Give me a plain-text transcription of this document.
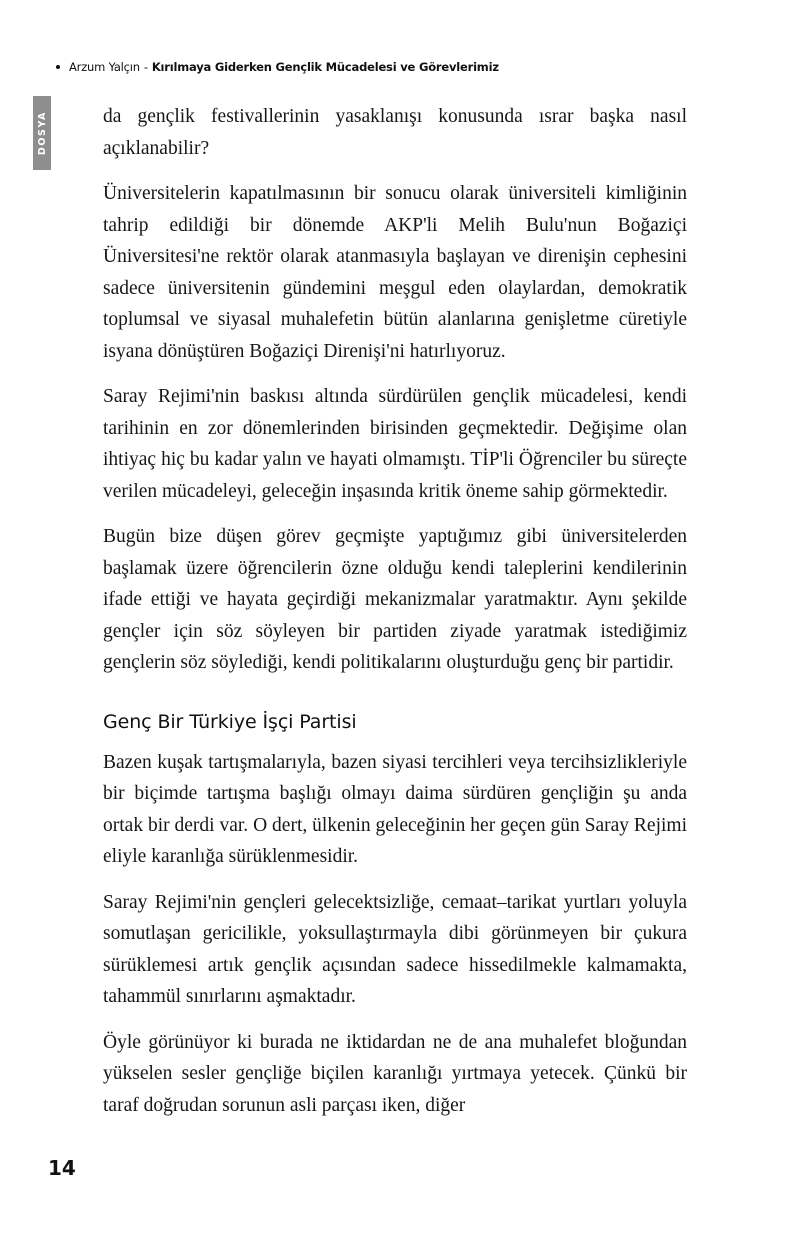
Arzum Yalçın - Kırılmaya Giderken Gençlik Mücadelesi ve Görevlerimiz
DOSYA	da gençlik festivallerinin yasaklanışı konusunda ısrar başka nasıl açıklanabilir?

Üniversitelerin kapatılmasının bir sonucu olarak üniversiteli kimliğinin tahrip edildiği bir dönemde AKP'li Melih Bulu'nun Boğaziçi Üniversitesi'ne rektör olarak atanmasıyla başlayan ve direnişin cephesini sadece üniversitenin gündemini meşgul eden olaylardan, demokratik toplumsal ve siyasal muhalefetin bütün alanlarına genişletme cüretiyle isyana dönüştüren Boğaziçi Direnişi'ni hatırlıyoruz.

Saray Rejimi'nin baskısı altında sürdürülen gençlik mücadelesi, kendi tarihinin en zor dönemlerinden birisinden geçmektedir. Değişime olan ihtiyaç hiç bu kadar yalın ve hayati olmamıştı. TİP'li Öğrenciler bu süreçte verilen mücadeleyi, geleceğin inşasında kritik öneme sahip görmektedir.

Bugün bize düşen görev geçmişte yaptığımız gibi üniversitelerden başlamak üzere öğrencilerin özne olduğu kendi taleplerini kendilerinin ifade ettiği ve hayata geçirdiği mekanizmalar yaratmaktır. Aynı şekilde gençler için söz söyleyen bir partiden ziyade yaratmak istediğimiz gençlerin söz söylediği, kendi politikalarını oluşturduğu genç bir partidir.

Genç Bir Türkiye İşçi Partisi

Bazen kuşak tartışmalarıyla, bazen siyasi tercihleri veya tercihsizlikleriyle bir biçimde tartışma başlığı olmayı daima sürdüren gençliğin şu anda ortak bir derdi var. O dert, ülkenin geleceğinin her geçen gün Saray Rejimi eliyle karanlığa sürüklenmesidir.

Saray Rejimi'nin gençleri gelecektsizliğe, cemaat–tarikat yurtları yoluyla somutlaşan gericilikle, yoksullaştırmayla dibi görünmeyen bir çukura sürüklemesi artık gençlik açısından sadece hissedilmekle kalmamakta, tahammül sınırlarını aşmaktadır.

Öyle görünüyor ki burada ne iktidardan ne de ana muhalefet bloğundan yükselen sesler gençliğe biçilen karanlığı yırtmaya yetecek. Çünkü bir taraf doğrudan sorunun asli parçası iken, diğer

14
